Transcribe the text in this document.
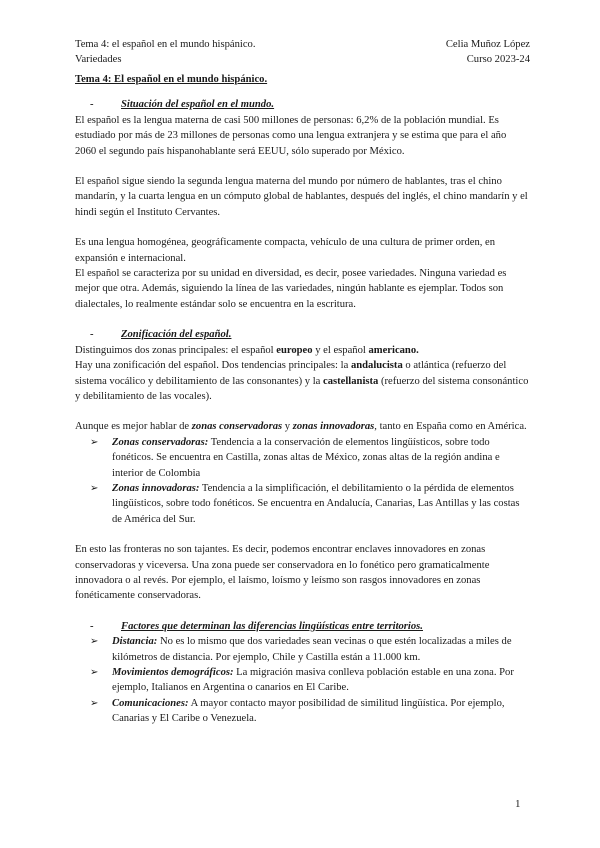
Tema 4: el español en el mundo hispánico.
Variedades
Celia Muñoz López
Curso 2023-24

Tema 4: El español en el mundo hispánico.

-	Situación del español en el mundo.

El español es la lengua materna de casi 500 millones de personas: 6,2% de la población mundial. Es estudiado por más de 23 millones de personas como una lengua extranjera y se estima que para el año 2060 el segundo país hispanohablante será EEUU, sólo superado por México.

El español sigue siendo la segunda lengua materna del mundo por número de hablantes, tras el chino mandarín, y la cuarta lengua en un cómputo global de hablantes, después del inglés, el chino mandarín y el hindi según el Instituto Cervantes.

Es una lengua homogénea, geográficamente compacta, vehículo de una cultura de primer orden, en expansión e internacional.

El español se caracteriza por su unidad en diversidad, es decir, posee variedades. Ninguna variedad es mejor que otra. Además, siguiendo la línea de las variedades, ningún hablante es ejemplar. Todos son dialectales, lo realmente estándar solo se encuentra en la escritura.

-	Zonificación del español.

Distinguimos dos zonas principales: el español europeo y el español americano.

Hay una zonificación del español. Dos tendencias principales: la andalucista o atlántica (refuerzo del sistema vocálico y debilitamiento de las consonantes) y la castellanista (refuerzo del sistema consonántico y debilitamiento de las vocales).

Aunque es mejor hablar de zonas conservadoras y zonas innovadoras, tanto en España como en América.

➢ Zonas conservadoras: Tendencia a la conservación de elementos lingüísticos, sobre todo fonéticos. Se encuentra en Castilla, zonas altas de México, zonas altas de la región andina e interior de Colombia
➢ Zonas innovadoras: Tendencia a la simplificación, el debilitamiento o la pérdida de elementos lingüísticos, sobre todo fonéticos. Se encuentra en Andalucía, Canarias, Las Antillas y las costas de América del Sur.

En esto las fronteras no son tajantes. Es decir, podemos encontrar enclaves innovadores en zonas conservadoras y viceversa. Una zona puede ser conservadora en lo fonético pero gramaticalmente innovadora o al revés. Por ejemplo, el laísmo, loísmo y leísmo son rasgos innovadores en zonas fonéticamente conservadoras.

-	Factores que determinan las diferencias lingüísticas entre territorios.
➢ Distancia: No es lo mismo que dos variedades sean vecinas o que estén localizadas a miles de kilómetros de distancia. Por ejemplo, Chile y Castilla están a 11.000 km.
➢ Movimientos demográficos: La migración masiva conlleva población estable en una zona. Por ejemplo, Italianos en Argentina o canarios en El Caribe.
➢ Comunicaciones: A mayor contacto mayor posibilidad de similitud lingüística. Por ejemplo, Canarias y El Caribe o Venezuela.
1
